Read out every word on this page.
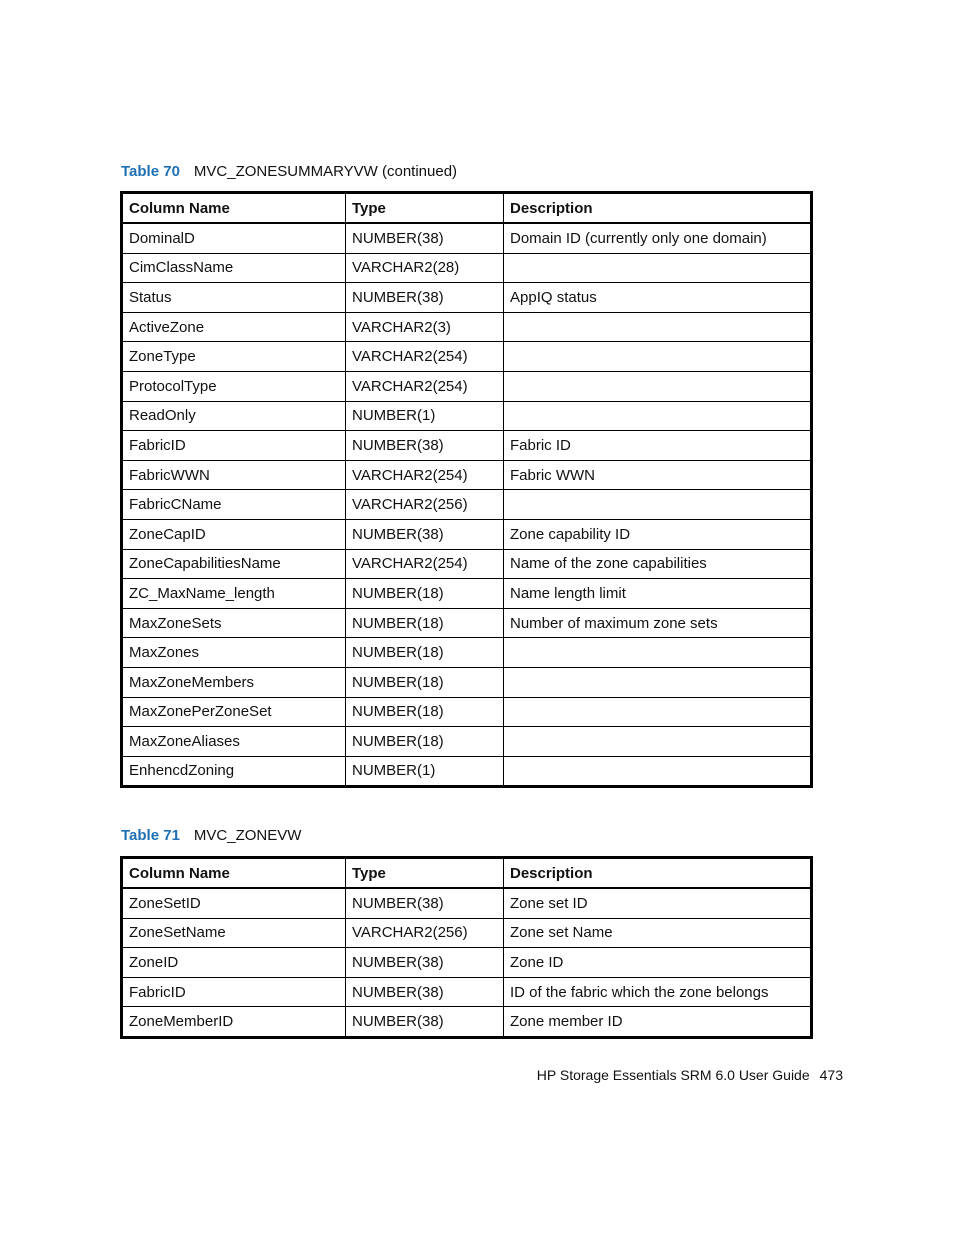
Table 70 MVC_ZONESUMMARYVW (continued)
Column Name	Type	Description
DominalD	NUMBER(38)	Domain ID (currently only one domain)
CimClassName	VARCHAR2(28)	
Status	NUMBER(38)	AppIQ status
ActiveZone	VARCHAR2(3)	
ZoneType	VARCHAR2(254)	
ProtocolType	VARCHAR2(254)	
ReadOnly	NUMBER(1)	
FabricID	NUMBER(38)	Fabric ID
FabricWWN	VARCHAR2(254)	Fabric WWN
FabricCName	VARCHAR2(256)	
ZoneCapID	NUMBER(38)	Zone capability ID
ZoneCapabilitiesName	VARCHAR2(254)	Name of the zone capabilities
ZC_MaxName_length	NUMBER(18)	Name length limit
MaxZoneSets	NUMBER(18)	Number of maximum zone sets
MaxZones	NUMBER(18)	
MaxZoneMembers	NUMBER(18)	
MaxZonePerZoneSet	NUMBER(18)	
MaxZoneAliases	NUMBER(18)	
EnhencdZoning	NUMBER(1)	
Table 71 MVC_ZONEVW
Column Name	Type	Description
ZoneSetID	NUMBER(38)	Zone set ID
ZoneSetName	VARCHAR2(256)	Zone set Name
ZoneID	NUMBER(38)	Zone ID
FabricID	NUMBER(38)	ID of the fabric which the zone belongs
ZoneMemberID	NUMBER(38)	Zone member ID
HP Storage Essentials SRM 6.0 User Guide 473
